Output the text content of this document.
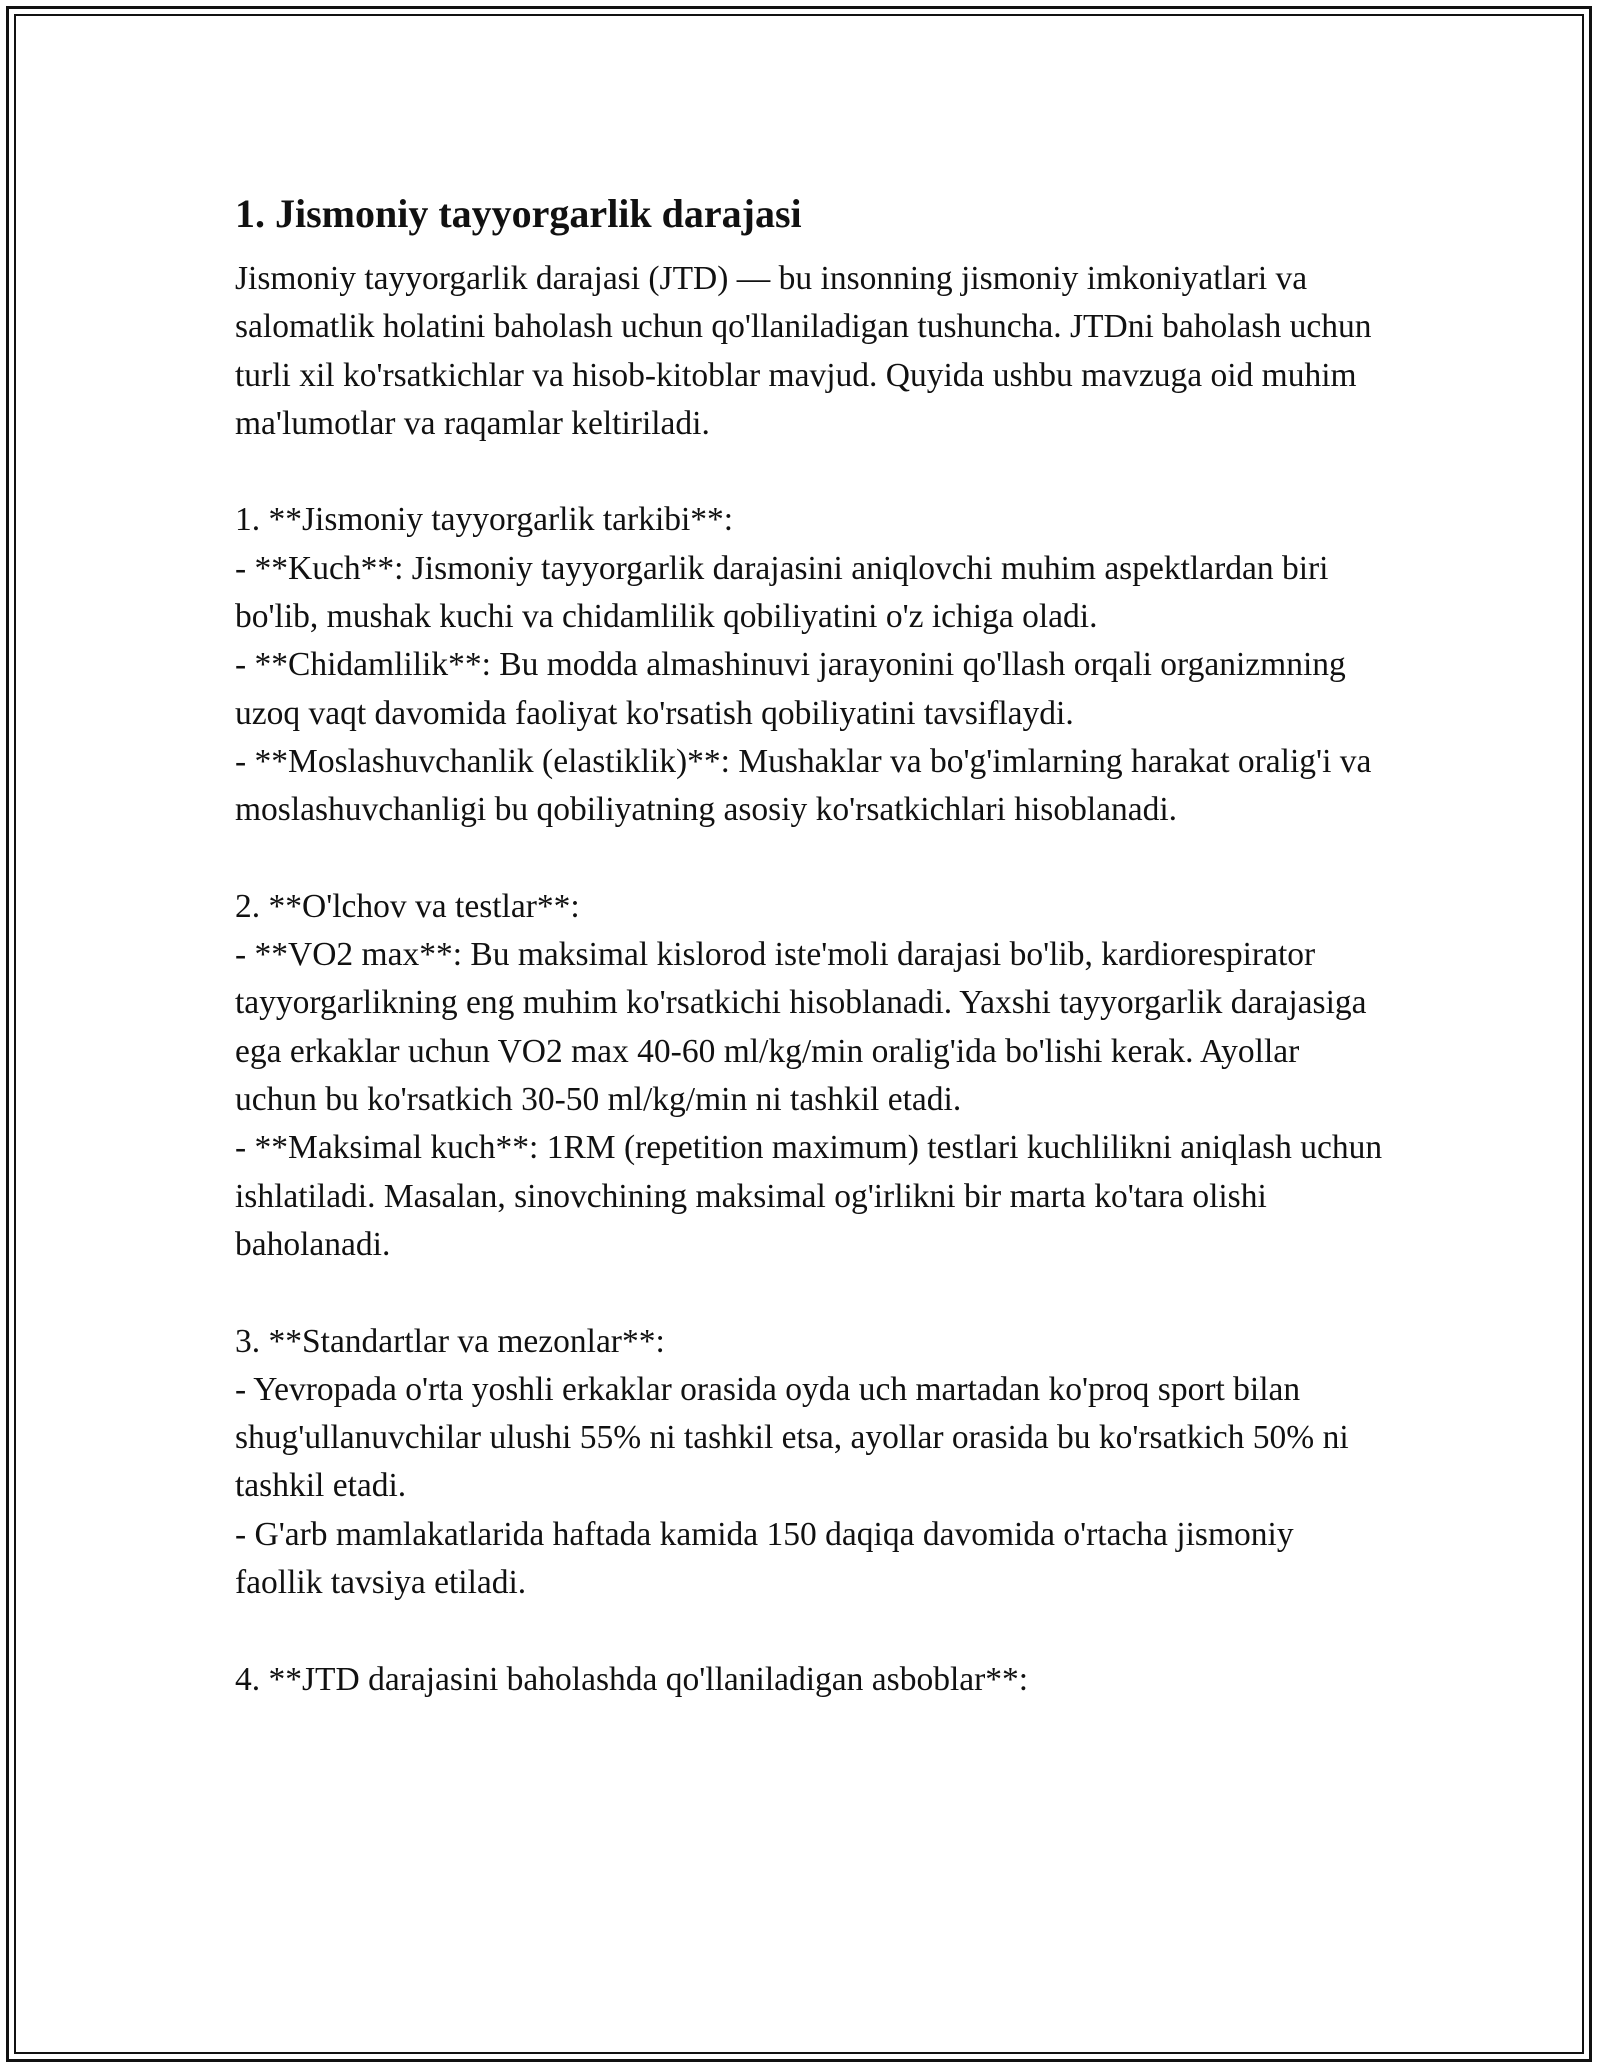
1. Jismoniy tayyorgarlik darajasi

Jismoniy tayyorgarlik darajasi (JTD) — bu insonning jismoniy imkoniyatlari va salomatlik holatini baholash uchun qo'llaniladigan tushuncha. JTDni baholash uchun turli xil ko'rsatkichlar va hisob-kitoblar mavjud. Quyida ushbu mavzuga oid muhim ma'lumotlar va raqamlar keltiriladi.

1. **Jismoniy tayyorgarlik tarkibi**:

- **Kuch**: Jismoniy tayyorgarlik darajasini aniqlovchi muhim aspektlardan biri bo'lib, mushak kuchi va chidamlilik qobiliyatini o'z ichiga oladi.

- **Chidamlilik**: Bu modda almashinuvi jarayonini qo'llash orqali organizmning uzoq vaqt davomida faoliyat ko'rsatish qobiliyatini tavsiflaydi.

- **Moslashuvchanlik (elastiklik)**: Mushaklar va bo'g'imlarning harakat oralig'i va moslashuvchanligi bu qobiliyatning asosiy ko'rsatkichlari hisoblanadi.

2. **O'lchov va testlar**:

- **VO2 max**: Bu maksimal kislorod iste'moli darajasi bo'lib, kardiorespirator tayyorgarlikning eng muhim ko'rsatkichi hisoblanadi. Yaxshi tayyorgarlik darajasiga ega erkaklar uchun VO2 max 40-60 ml/kg/min oralig'ida bo'lishi kerak. Ayollar uchun bu ko'rsatkich 30-50 ml/kg/min ni tashkil etadi.

- **Maksimal kuch**: 1RM (repetition maximum) testlari kuchlilikni aniqlash uchun ishlatiladi. Masalan, sinovchining maksimal og'irlikni bir marta ko'tara olishi baholanadi.

3. **Standartlar va mezonlar**:

- Yevropada o'rta yoshli erkaklar orasida oyda uch martadan ko'proq sport bilan shug'ullanuvchilar ulushi 55% ni tashkil etsa, ayollar orasida bu ko'rsatkich 50% ni tashkil etadi.

- G'arb mamlakatlarida haftada kamida 150 daqiqa davomida o'rtacha jismoniy faollik tavsiya etiladi.

4. **JTD darajasini baholashda qo'llaniladigan asboblar**:
